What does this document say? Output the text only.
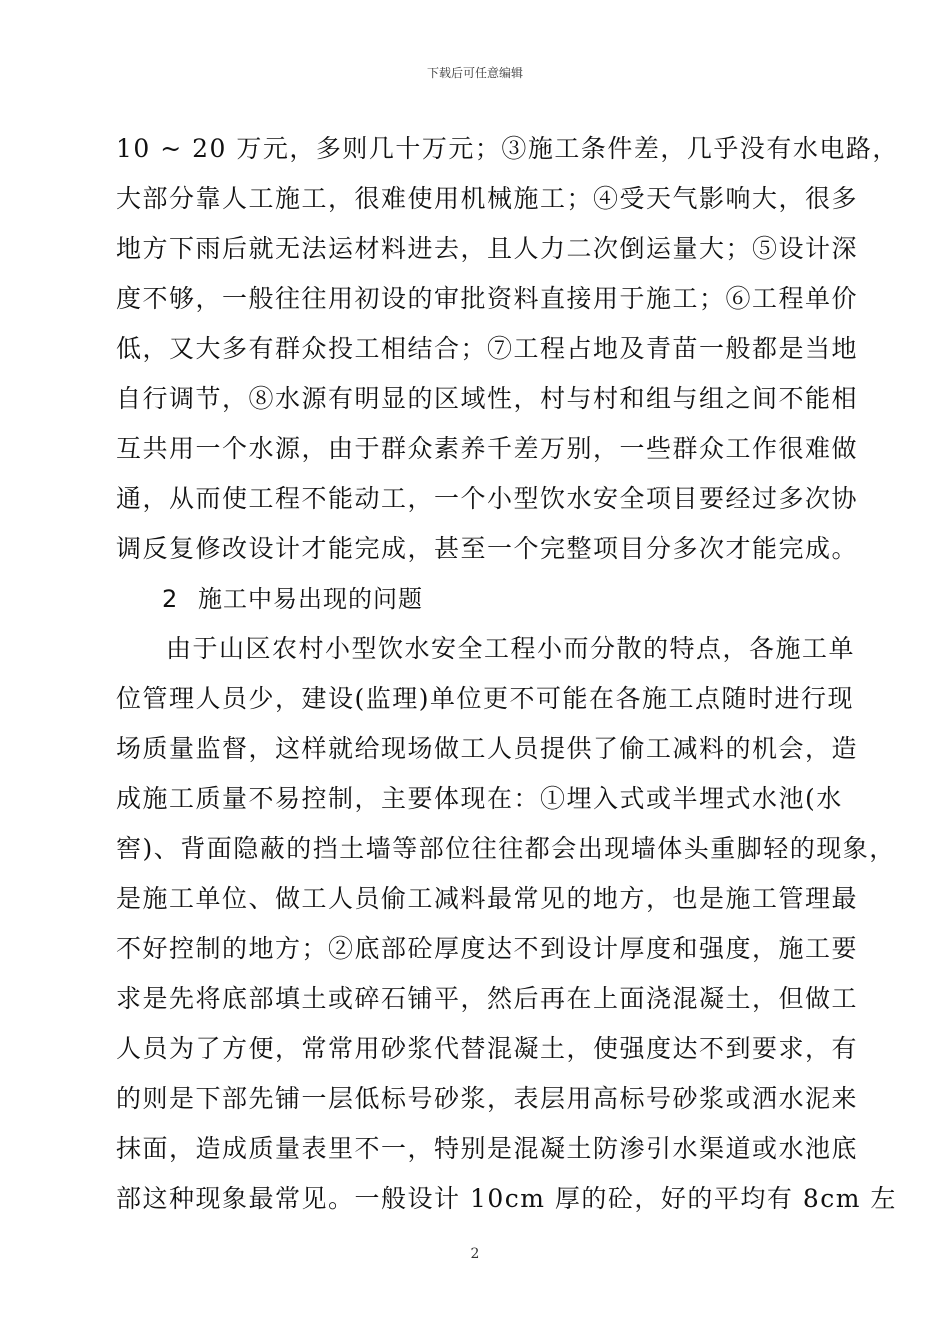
下载后可任意编辑
10 ~ 20 万元，多则几十万元；③施工条件差，几乎没有水电路，
大部分靠人工施工，很难使用机械施工；④受天气影响大，很多
地方下雨后就无法运材料进去，且人力二次倒运量大；⑤设计深
度不够，一般往往用初设的审批资料直接用于施工；⑥工程单价
低，又大多有群众投工相结合；⑦工程占地及青苗一般都是当地
自行调节，⑧水源有明显的区域性，村与村和组与组之间不能相
互共用一个水源，由于群众素养千差万别，一些群众工作很难做
通，从而使工程不能动工，一个小型饮水安全项目要经过多次协
调反复修改设计才能完成，甚至一个完整项目分多次才能完成。
2 施工中易出现的问题
由于山区农村小型饮水安全工程小而分散的特点，各施工单
位管理人员少，建设(监理)单位更不可能在各施工点随时进行现
场质量监督，这样就给现场做工人员提供了偷工减料的机会，造
成施工质量不易控制，主要体现在：①埋入式或半埋式水池(水
窖)、背面隐蔽的挡土墙等部位往往都会出现墙体头重脚轻的现象，
是施工单位、做工人员偷工减料最常见的地方，也是施工管理最
不好控制的地方；②底部砼厚度达不到设计厚度和强度，施工要
求是先将底部填土或碎石铺平，然后再在上面浇混凝土，但做工
人员为了方便，常常用砂浆代替混凝土，使强度达不到要求，有
的则是下部先铺一层低标号砂浆，表层用高标号砂浆或洒水泥来
抹面，造成质量表里不一，特别是混凝土防渗引水渠道或水池底
部这种现象最常见。一般设计 10cm 厚的砼，好的平均有 8cm 左
2
